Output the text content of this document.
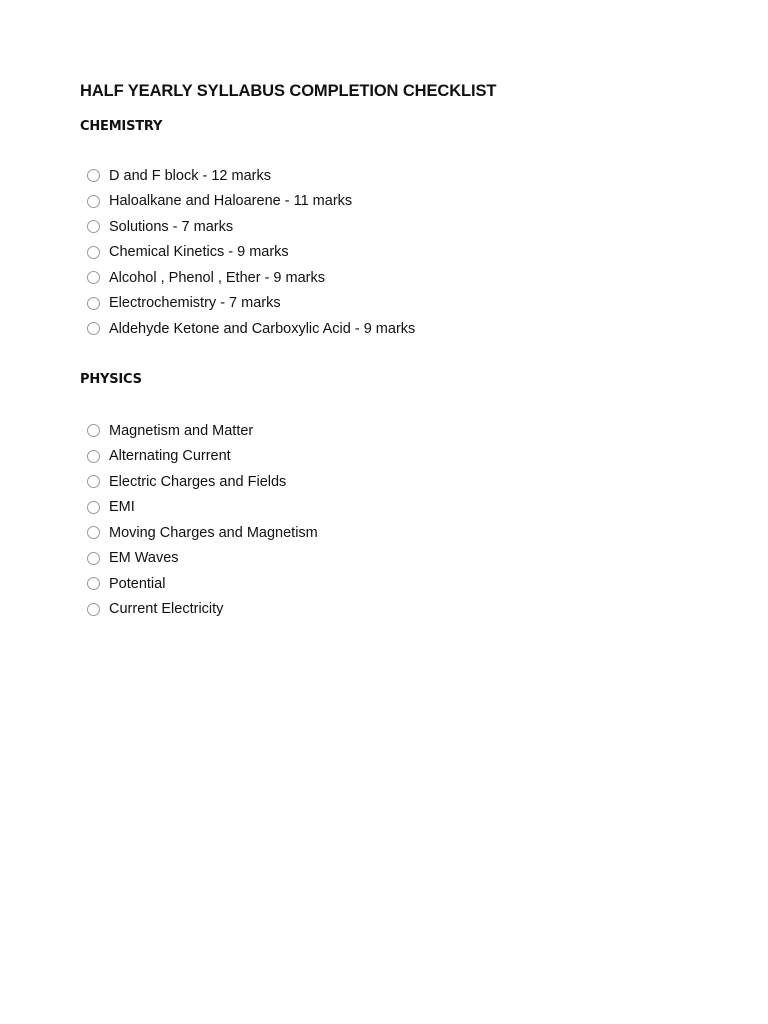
HALF YEARLY SYLLABUS COMPLETION CHECKLIST
CHEMISTRY
D and F block - 12 marks
Haloalkane and Haloarene - 11 marks
Solutions - 7 marks
Chemical Kinetics - 9 marks
Alcohol , Phenol , Ether - 9 marks
Electrochemistry - 7 marks
Aldehyde Ketone and Carboxylic Acid - 9 marks
PHYSICS
Magnetism and Matter
Alternating Current
Electric Charges and Fields
EMI
Moving Charges and Magnetism
EM Waves
Potential
Current Electricity
